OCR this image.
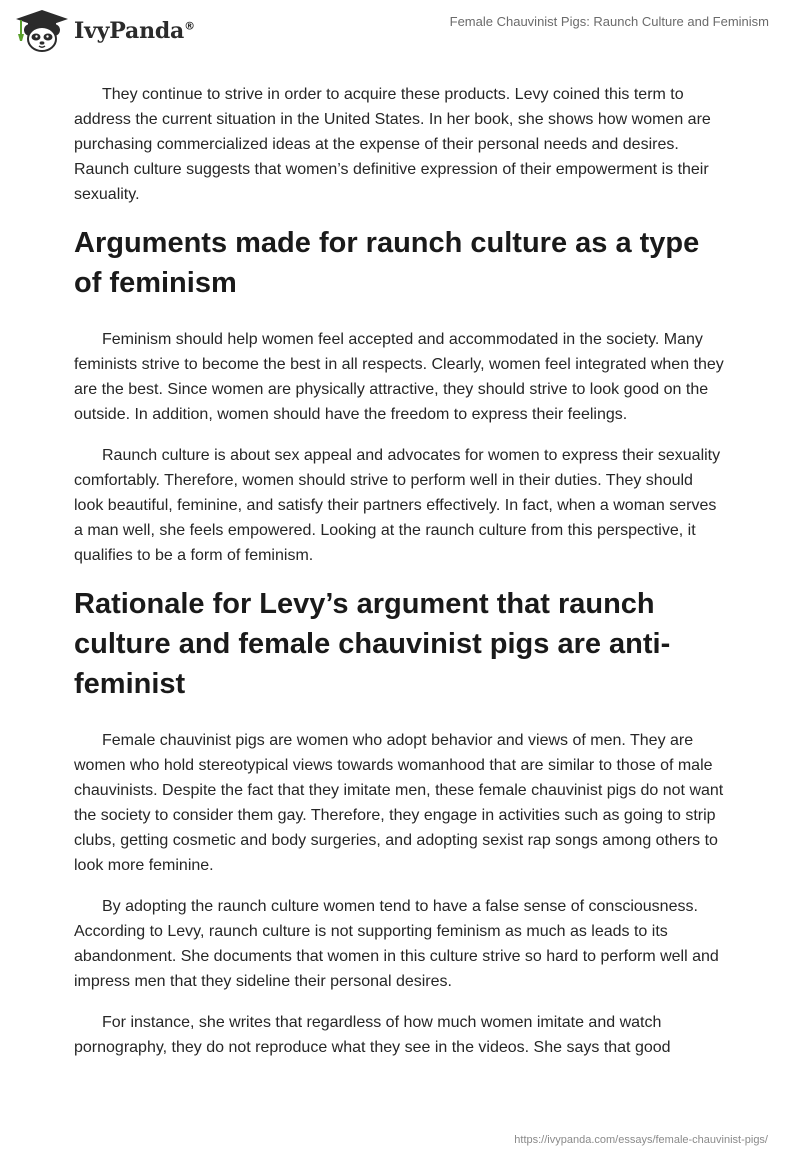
IvyPanda®	Female Chauvinist Pigs: Raunch Culture and Feminism

They continue to strive in order to acquire these products. Levy coined this term to address the current situation in the United States. In her book, she shows how women are purchasing commercialized ideas at the expense of their personal needs and desires. Raunch culture suggests that women’s definitive expression of their empowerment is their sexuality.

Arguments made for raunch culture as a type of feminism

Feminism should help women feel accepted and accommodated in the society. Many feminists strive to become the best in all respects. Clearly, women feel integrated when they are the best. Since women are physically attractive, they should strive to look good on the outside. In addition, women should have the freedom to express their feelings.

Raunch culture is about sex appeal and advocates for women to express their sexuality comfortably. Therefore, women should strive to perform well in their duties. They should look beautiful, feminine, and satisfy their partners effectively. In fact, when a woman serves a man well, she feels empowered. Looking at the raunch culture from this perspective, it qualifies to be a form of feminism.

Rationale for Levy’s argument that raunch culture and female chauvinist pigs are anti-feminist

Female chauvinist pigs are women who adopt behavior and views of men. They are women who hold stereotypical views towards womanhood that are similar to those of male chauvinists. Despite the fact that they imitate men, these female chauvinist pigs do not want the society to consider them gay. Therefore, they engage in activities such as going to strip clubs, getting cosmetic and body surgeries, and adopting sexist rap songs among others to look more feminine.

By adopting the raunch culture women tend to have a false sense of consciousness. According to Levy, raunch culture is not supporting feminism as much as leads to its abandonment. She documents that women in this culture strive so hard to perform well and impress men that they sideline their personal desires.

For instance, she writes that regardless of how much women imitate and watch pornography, they do not reproduce what they see in the videos. She says that good

https://ivypanda.com/essays/female-chauvinist-pigs/
